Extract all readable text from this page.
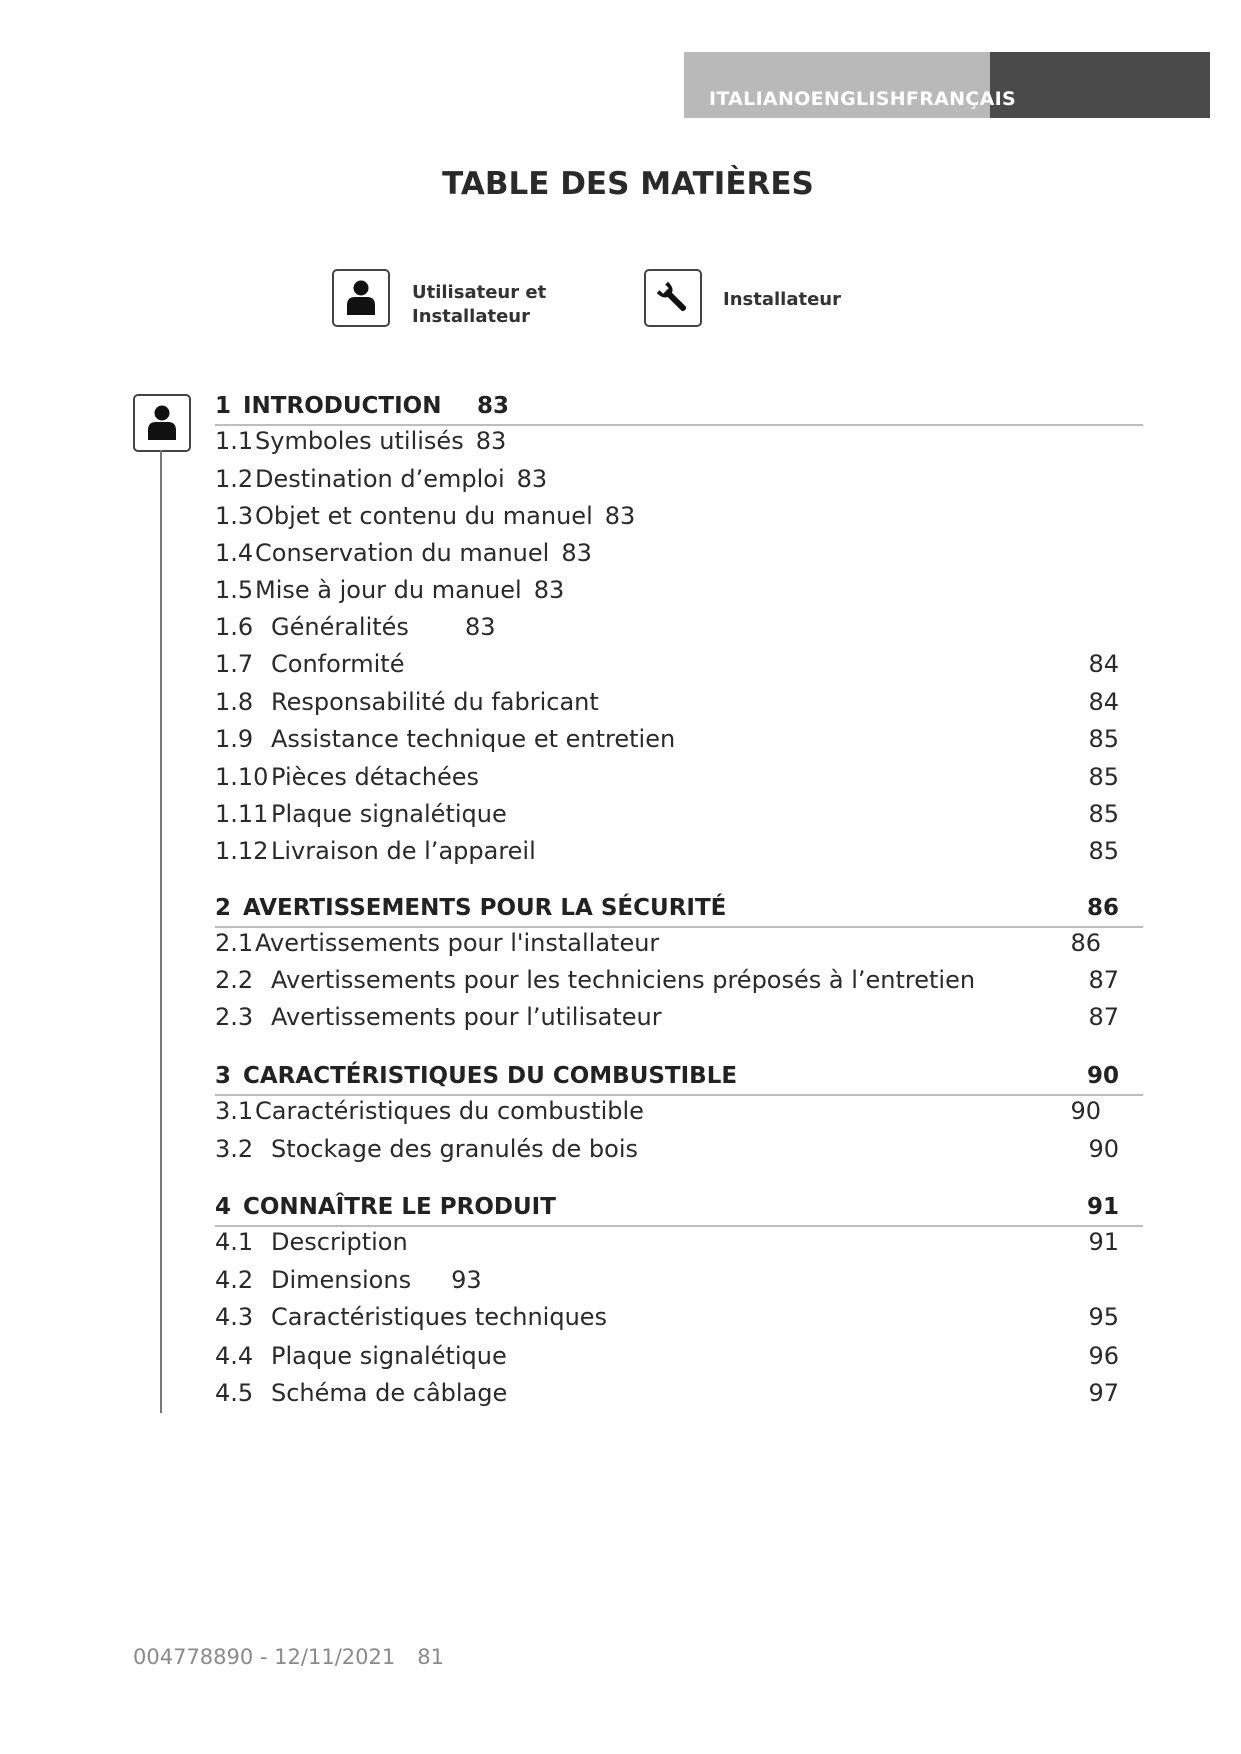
ITALIANOENGLISHFRANÇAIS
TABLE DES MATIÈRES
Utilisateur et
Installateur
Installateur
1 INTRODUCTION 83
1.1 Symboles utilisés 83
1.2 Destination d’emploi 83
1.3 Objet et contenu du manuel 83
1.4 Conservation du manuel 83
1.5 Mise à jour du manuel 83
1.6 Généralités 83
1.7 Conformité	84
1.8 Responsabilité du fabricant	84
1.9 Assistance technique et entretien	85
1.10 Pièces détachées	85
1.11 Plaque signalétique	85
1.12 Livraison de l’appareil	85
2 AVERTISSEMENTS POUR LA SÉCURITÉ	86
2.1 Avertissements pour l'installateur	86
2.2 Avertissements pour les techniciens préposés à l’entretien	87
2.3 Avertissements pour l’utilisateur	87
3 CARACTÉRISTIQUES DU COMBUSTIBLE	90
3.1 Caractéristiques du combustible	90
3.2 Stockage des granulés de bois	90
4 CONNAÎTRE LE PRODUIT	91
4.1 Description	91
4.2 Dimensions 93
4.3 Caractéristiques techniques	95
4.4 Plaque signalétique	96
4.5 Schéma de câblage	97
004778890 - 12/11/2021 81
